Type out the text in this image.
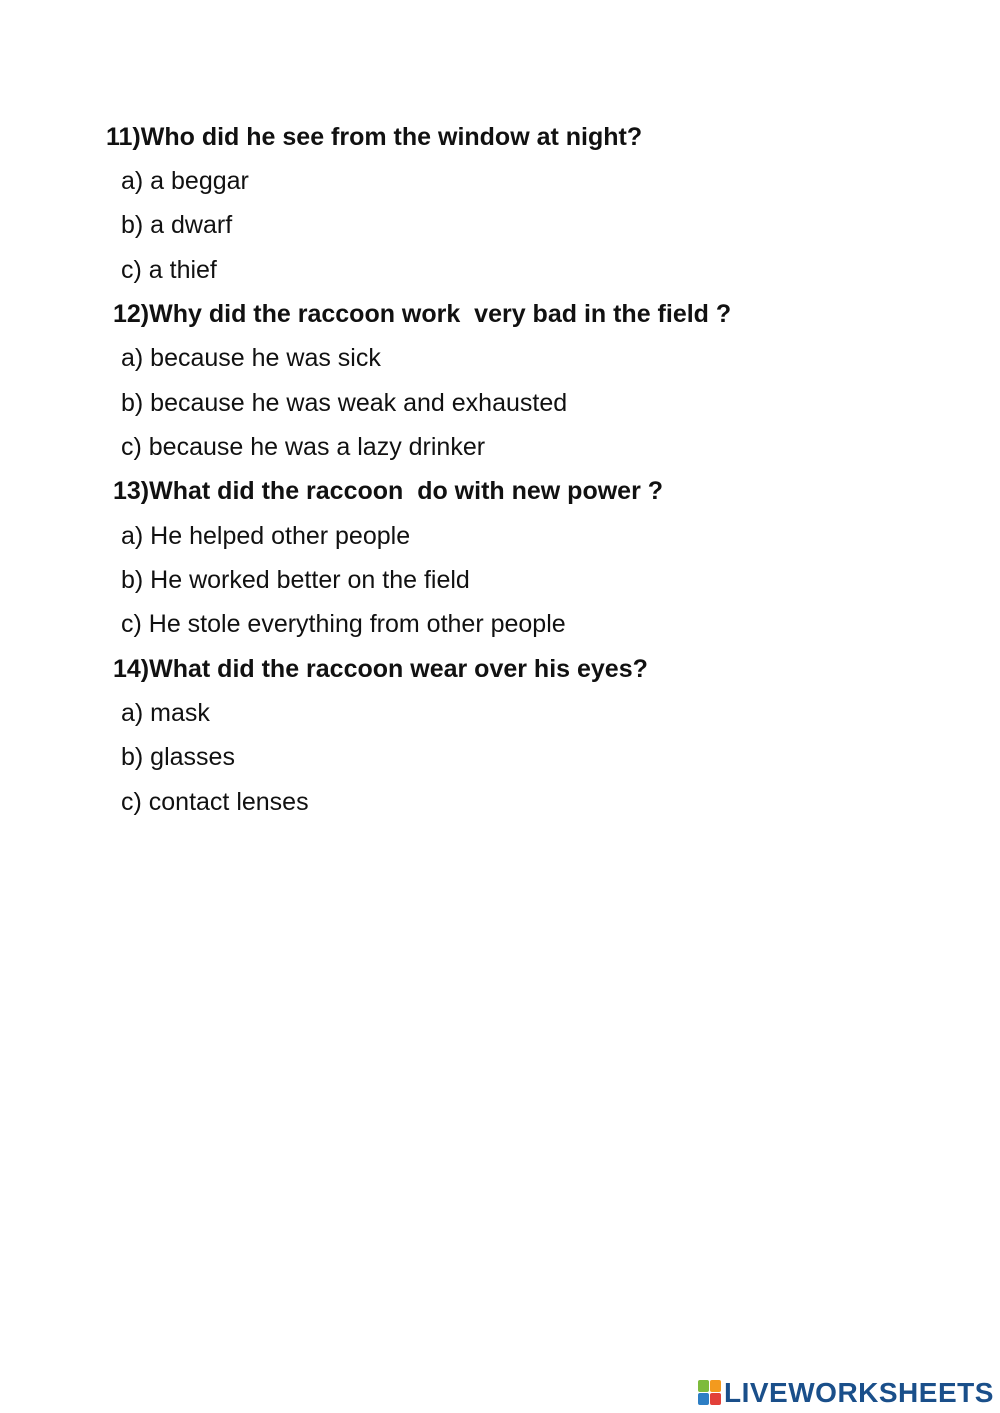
11)Who did he see from the window at night?
a) a beggar
b) a dwarf
c) a thief
12)Why did the raccoon work  very bad in the field ?
a) because he was sick
b) because he was weak and exhausted
c) because he was a lazy drinker
13)What did the raccoon  do with new power ?
a) He helped other people
b) He worked better on the field
c) He stole everything from other people
14)What did the raccoon wear over his eyes?
a) mask
b) glasses
c) contact lenses
LIVEWORKSHEETS
